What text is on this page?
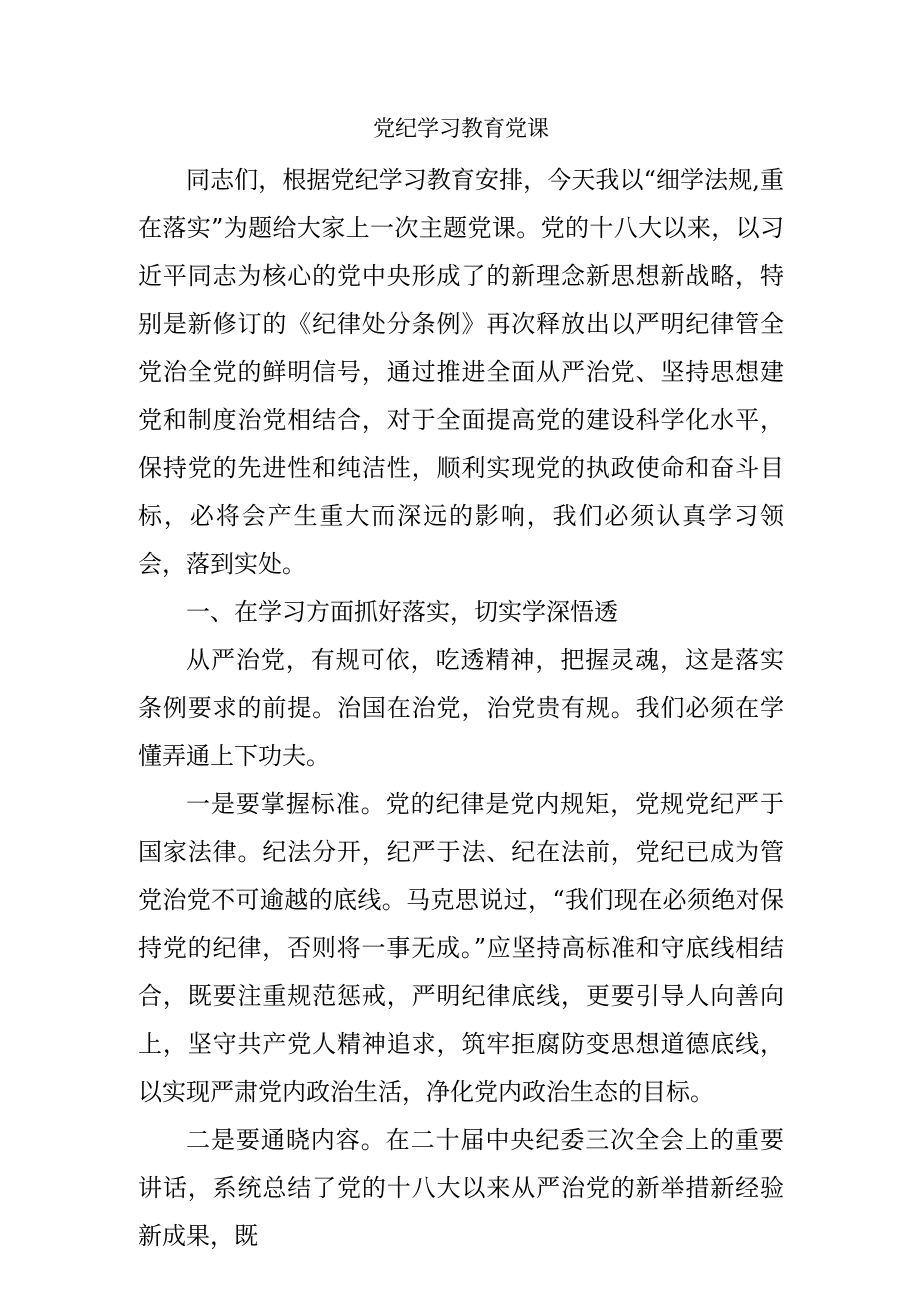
党纪学习教育党课

同志们，根据党纪学习教育安排，今天我以“细学法规,重在落实”为题给大家上一次主题党课。党的十八大以来，以习近平同志为核心的党中央形成了的新理念新思想新战略，特别是新修订的《纪律处分条例》再次释放出以严明纪律管全党治全党的鲜明信号，通过推进全面从严治党、坚持思想建党和制度治党相结合，对于全面提高党的建设科学化水平，保持党的先进性和纯洁性，顺利实现党的执政使命和奋斗目标，必将会产生重大而深远的影响，我们必须认真学习领会，落到实处。

一、在学习方面抓好落实，切实学深悟透

从严治党，有规可依，吃透精神，把握灵魂，这是落实条例要求的前提。治国在治党，治党贵有规。我们必须在学懂弄通上下功夫。

一是要掌握标准。党的纪律是党内规矩，党规党纪严于国家法律。纪法分开，纪严于法、纪在法前，党纪已成为管党治党不可逾越的底线。马克思说过，“我们现在必须绝对保持党的纪律，否则将一事无成。”应坚持高标准和守底线相结合，既要注重规范惩戒，严明纪律底线，更要引导人向善向上，坚守共产党人精神追求，筑牢拒腐防变思想道德底线，以实现严肃党内政治生活，净化党内政治生态的目标。

二是要通晓内容。在二十届中央纪委三次全会上的重要讲话，系统总结了党的十八大以来从严治党的新举措新经验新成果，既
